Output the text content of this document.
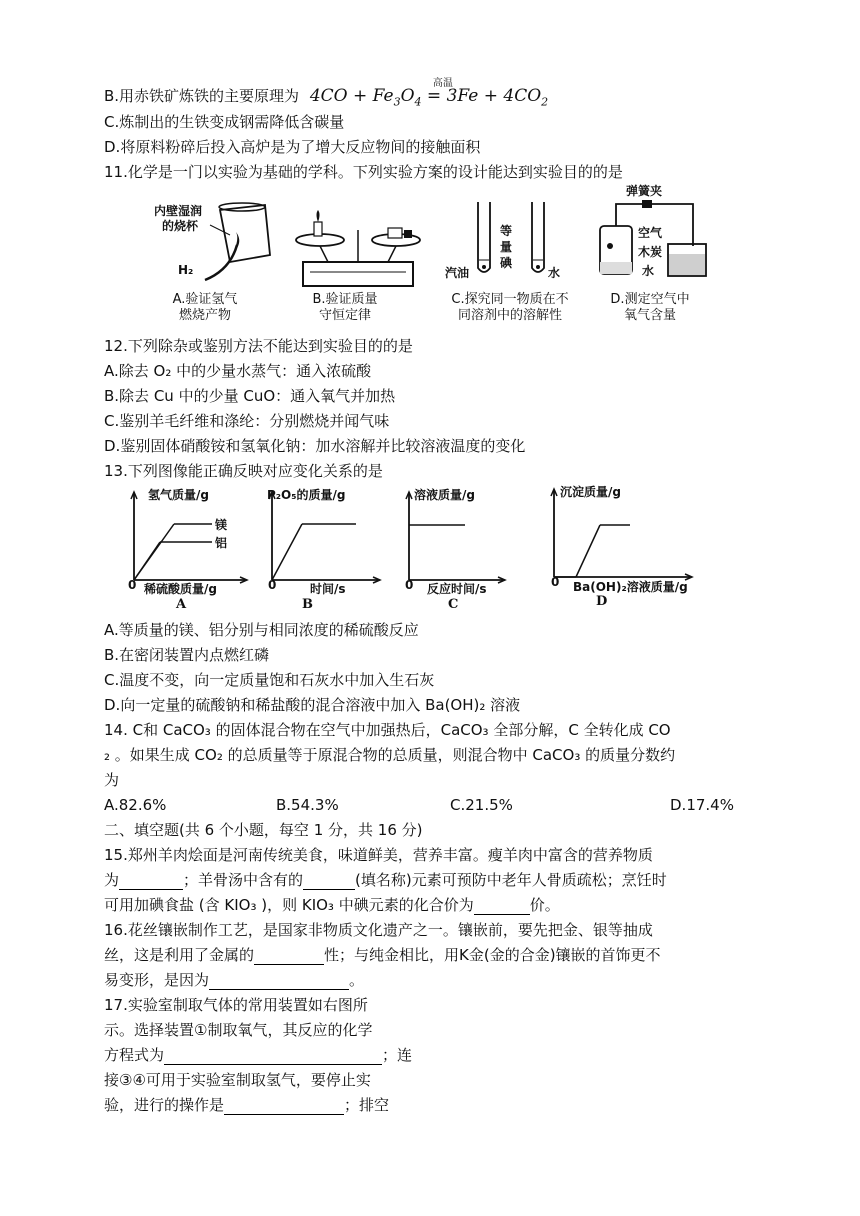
B.用赤铁矿炼铁的主要原理为 $4CO + Fe_3O_4$ =
高温
$3Fe + 4CO_2$
C.炼制出的生铁变成钢需降低含碳量
D.将原料粉碎后投入高炉是为了增大反应物间的接触面积
11.化学是一门以实验为基础的学科。下列实验方案的设计能达到实验目的的是
内壁湿润
的烧杯
H₂
A.验证氢气
燃烧产物
B.验证质量
守恒定律
汽油
等
量
碘
水
C.探究同一物质在不
同溶剂中的溶解性
弹簧夹
空气
木炭
水
D.测定空气中
氧气含量
12.下列除杂或鉴别方法不能达到实验目的的是
A.除去 O₂ 中的少量水蒸气：通入浓硫酸
B.除去 Cu 中的少量 CuO：通入氧气并加热
C.鉴别羊毛纤维和涤纶：分别燃烧并闻气味
D.鉴别固体硝酸铵和氢氧化钠：加水溶解并比较溶液温度的变化
13.下列图像能正确反映对应变化关系的是
氢气质量/g
镁
铝
0 稀硫酸质量/g
A
P₂O₅的质量/g
0	时间/s
B
溶液质量/g
0 反应时间/s
C
沉淀质量/g
0 Ba(OH)₂溶液质量/g
D
A.等质量的镁、铝分别与相同浓度的稀硫酸反应
B.在密闭装置内点燃红磷
C.温度不变，向一定质量饱和石灰水中加入生石灰
D.向一定量的硫酸钠和稀盐酸的混合溶液中加入 Ba(OH)₂ 溶液
14. C和 CaCO₃ 的固体混合物在空气中加强热后，CaCO₃ 全部分解，C 全转化成 CO
₂ 。如果生成 CO₂ 的总质量等于原混合物的总质量，则混合物中 CaCO₃ 的质量分数约
为
A.82.6%	B.54.3%	C.21.5%	D.17.4%
二、填空题(共 6 个小题，每空 1 分，共 16 分)
15.郑州羊肉烩面是河南传统美食，味道鲜美，营养丰富。瘦羊肉中富含的营养物质
为	；羊骨汤中含有的	(填名称)元素可预防中老年人骨质疏松；烹饪时
可用加碘食盐 (含 KIO₃ )，则 KIO₃ 中碘元素的化合价为	价。
16.花丝镶嵌制作工艺，是国家非物质文化遗产之一。镶嵌前，要先把金、银等抽成
丝，这是利用了金属的	性；与纯金相比，用K金(金的合金)镶嵌的首饰更不
易变形，是因为	。
17.实验室制取气体的常用装置如右图所
示。选择装置①制取氧气，其反应的化学
方程式为	；连
接③④可用于实验室制取氢气，要停止实
验，进行的操作是	；排空
